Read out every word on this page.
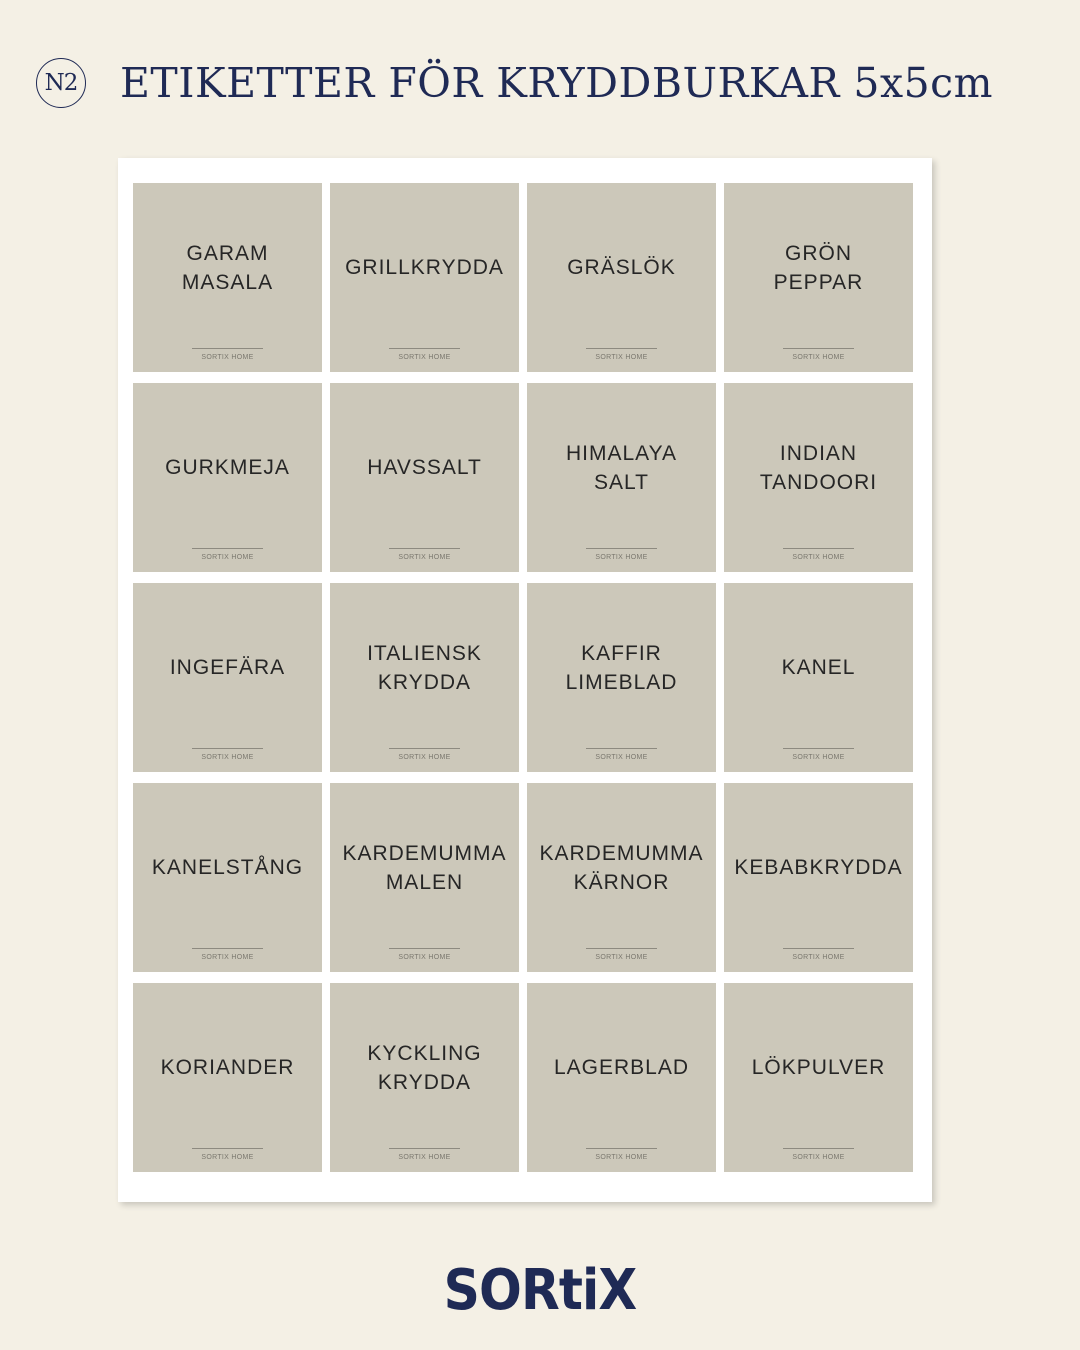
N2 ETIKETTER FÖR KRYDDBURKAR 5x5cm
GARAM
MASALA
SORTIX HOME
GRILLKRYDDA
SORTIX HOME
GRÄSLÖK
SORTIX HOME
GRÖN
PEPPAR
SORTIX HOME
GURKMEJA
SORTIX HOME
HAVSSALT
SORTIX HOME
HIMALAYA
SALT
SORTIX HOME
INDIAN
TANDOORI
SORTIX HOME
INGEFÄRA
SORTIX HOME
ITALIENSK
KRYDDA
SORTIX HOME
KAFFIR
LIMEBLAD
SORTIX HOME
KANEL
SORTIX HOME
KANELSTÅNG
SORTIX HOME
KARDEMUMMA
MALEN
SORTIX HOME
KARDEMUMMA
KÄRNOR
SORTIX HOME
KEBABKRYDDA
SORTIX HOME
KORIANDER
SORTIX HOME
KYCKLING
KRYDDA
SORTIX HOME
LAGERBLAD
SORTIX HOME
LÖKPULVER
SORTIX HOME
SORtiX
